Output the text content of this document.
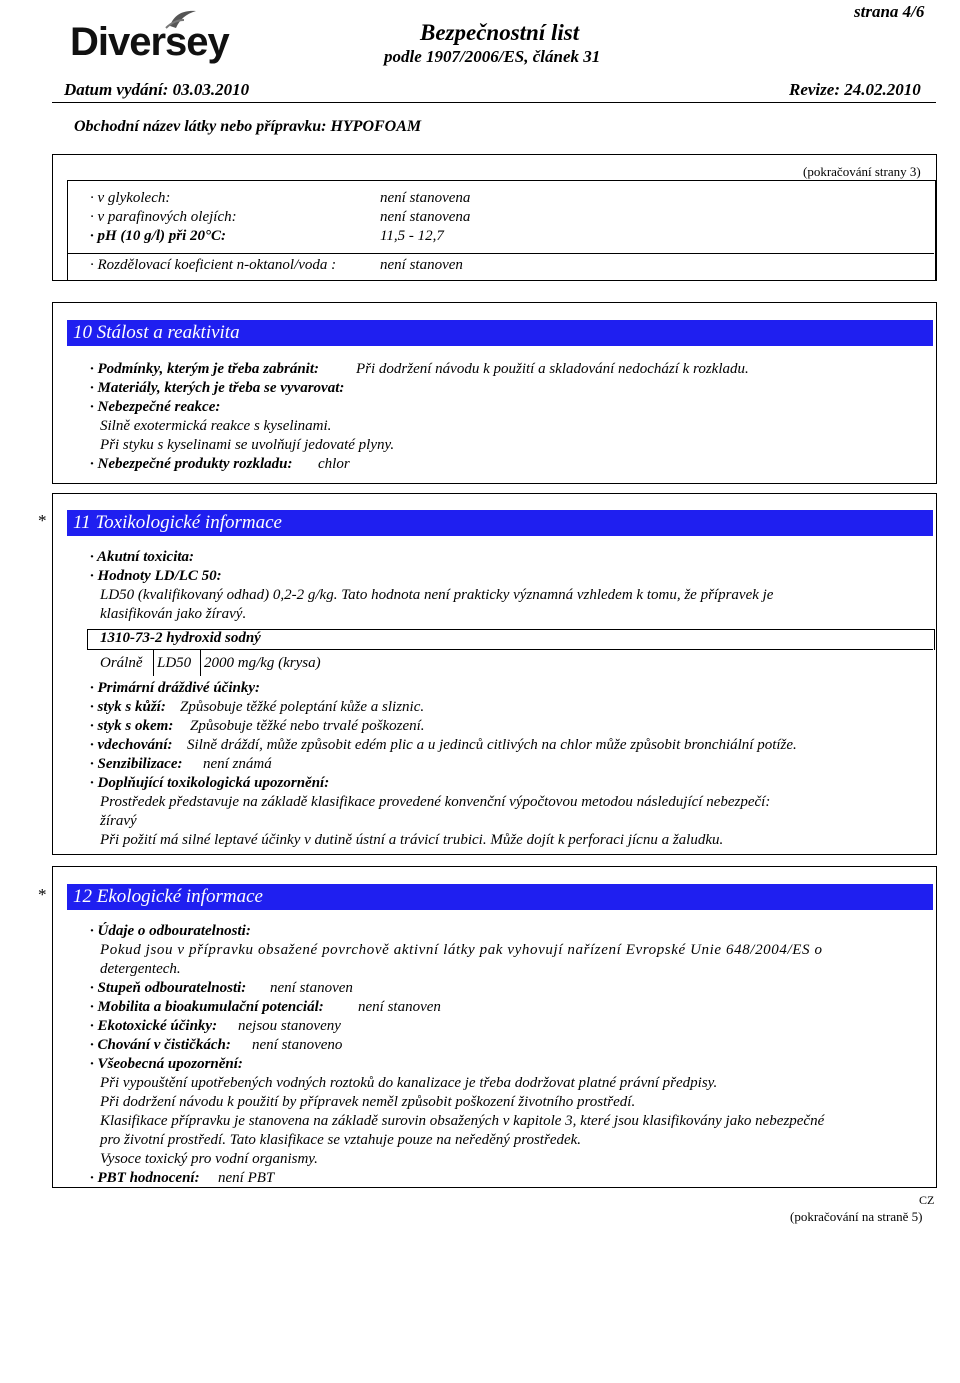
Diversey	Bezpečnostní list
podle 1907/2006/ES, článek 31
strana 4/6
Datum vydání: 03.03.2010	Revize: 24.02.2010
Obchodní název látky nebo přípravku: HYPOFOAM
(pokračování strany 3)
· v glykolech:	není stanovena
· v parafinových olejích:	není stanovena
· pH (10 g/l) při 20°C:	11,5 - 12,7
· Rozdělovací koeficient n-oktanol/voda :	není stanoven
10 Stálost a reaktivita
· Podmínky, kterým je třeba zabránit: Při dodržení návodu k použití a skladování nedochází k rozkladu.
· Materiály, kterých je třeba se vyvarovat:
· Nebezpečné reakce:
Silně exotermická reakce s kyselinami.
Při styku s kyselinami se uvolňují jedovaté plyny.
· Nebezpečné produkty rozkladu: chlor
*	11 Toxikologické informace
· Akutní toxicita:
· Hodnoty LD/LC 50:
LD50 (kvalifikovaný odhad) 0,2-2 g/kg. Tato hodnota není prakticky významná vzhledem k tomu, že přípravek je
klasifikován jako žíravý.
1310-73-2 hydroxid sodný
Orálně LD50 2000 mg/kg (krysa)
· Primární dráždivé účinky:
· styk s kůží: Způsobuje těžké poleptání kůže a sliznic.
· styk s okem: Způsobuje těžké nebo trvalé poškození.
· vdechování: Silně dráždí, může způsobit edém plic a u jedinců citlivých na chlor může způsobit bronchiální potíže.
· Senzibilizace: není známá
· Doplňující toxikologická upozornění:
Prostředek představuje na základě klasifikace provedené konvenční výpočtovou metodou následující nebezpečí:
žíravý
Při požití má silné leptavé účinky v dutině ústní a trávicí trubici. Může dojít k perforaci jícnu a žaludku.
*	12 Ekologické informace
· Údaje o odbouratelnosti:
Pokud jsou v přípravku obsažené povrchově aktivní látky pak vyhovují nařízení Evropské Unie 648/2004/ES o
detergentech.
· Stupeň odbouratelnosti: není stanoven
· Mobilita a bioakumulační potenciál: není stanoven
· Ekotoxické účinky: nejsou stanoveny
· Chování v čističkách: není stanoveno
· Všeobecná upozornění:
Při vypouštění upotřebených vodných roztoků do kanalizace je třeba dodržovat platné právní předpisy.
Při dodržení návodu k použití by přípravek neměl způsobit poškození životního prostředí.
Klasifikace přípravku je stanovena na základě surovin obsažených v kapitole 3, které jsou klasifikovány jako nebezpečné
pro životní prostředí. Tato klasifikace se vztahuje pouze na neředěný prostředek.
Vysoce toxický pro vodní organismy.
· PBT hodnocení: není PBT
CZ
(pokračování na straně 5)
